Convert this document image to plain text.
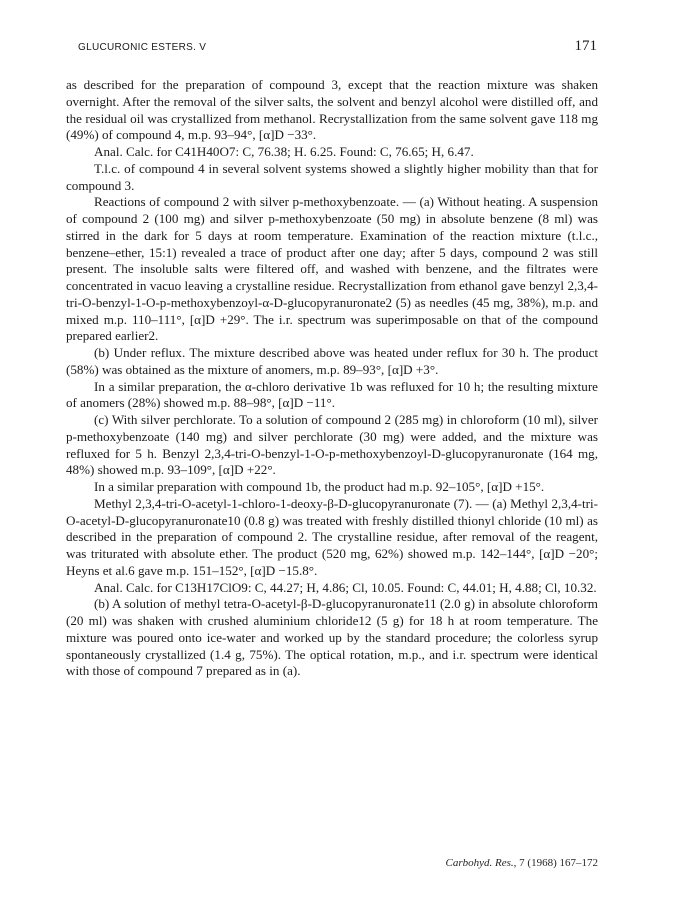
GLUCURONIC ESTERS. V	171

as described for the preparation of compound 3, except that the reaction mixture was shaken overnight. After the removal of the silver salts, the solvent and benzyl alcohol were distilled off, and the residual oil was crystallized from methanol. Recrystallization from the same solvent gave 118 mg (49%) of compound 4, m.p. 93–94°, [α]D −33°.

Anal. Calc. for C41H40O7: C, 76.38; H. 6.25. Found: C, 76.65; H, 6.47.

T.l.c. of compound 4 in several solvent systems showed a slightly higher mobility than that for compound 3.

Reactions of compound 2 with silver p-methoxybenzoate. — (a) Without heating. A suspension of compound 2 (100 mg) and silver p-methoxybenzoate (50 mg) in absolute benzene (8 ml) was stirred in the dark for 5 days at room temperature. Examination of the reaction mixture (t.l.c., benzene–ether, 15:1) revealed a trace of product after one day; after 5 days, compound 2 was still present. The insoluble salts were filtered off, and washed with benzene, and the filtrates were concentrated in vacuo leaving a crystalline residue. Recrystallization from ethanol gave benzyl 2,3,4-tri-O-benzyl-1-O-p-methoxybenzoyl-α-D-glucopyranuronate2 (5) as needles (45 mg, 38%), m.p. and mixed m.p. 110–111°, [α]D +29°. The i.r. spectrum was superimposable on that of the compound prepared earlier2.

(b) Under reflux. The mixture described above was heated under reflux for 30 h. The product (58%) was obtained as the mixture of anomers, m.p. 89–93°, [α]D +3°.

In a similar preparation, the α-chloro derivative 1b was refluxed for 10 h; the resulting mixture of anomers (28%) showed m.p. 88–98°, [α]D −11°.

(c) With silver perchlorate. To a solution of compound 2 (285 mg) in chloroform (10 ml), silver p-methoxybenzoate (140 mg) and silver perchlorate (30 mg) were added, and the mixture was refluxed for 5 h. Benzyl 2,3,4-tri-O-benzyl-1-O-p-methoxybenzoyl-D-glucopyranuronate (164 mg, 48%) showed m.p. 93–109°, [α]D +22°.

In a similar preparation with compound 1b, the product had m.p. 92–105°, [α]D +15°.

Methyl 2,3,4-tri-O-acetyl-1-chloro-1-deoxy-β-D-glucopyranuronate (7). — (a) Methyl 2,3,4-tri-O-acetyl-D-glucopyranuronate10 (0.8 g) was treated with freshly distilled thionyl chloride (10 ml) as described in the preparation of compound 2. The crystalline residue, after removal of the reagent, was triturated with absolute ether. The product (520 mg, 62%) showed m.p. 142–144°, [α]D −20°; Heyns et al.6 gave m.p. 151–152°, [α]D −15.8°.

Anal. Calc. for C13H17ClO9: C, 44.27; H, 4.86; Cl, 10.05. Found: C, 44.01; H, 4.88; Cl, 10.32.

(b) A solution of methyl tetra-O-acetyl-β-D-glucopyranuronate11 (2.0 g) in absolute chloroform (20 ml) was shaken with crushed aluminium chloride12 (5 g) for 18 h at room temperature. The mixture was poured onto ice-water and worked up by the standard procedure; the colorless syrup spontaneously crystallized (1.4 g, 75%). The optical rotation, m.p., and i.r. spectrum were identical with those of compound 7 prepared as in (a).

Carbohyd. Res., 7 (1968) 167–172
